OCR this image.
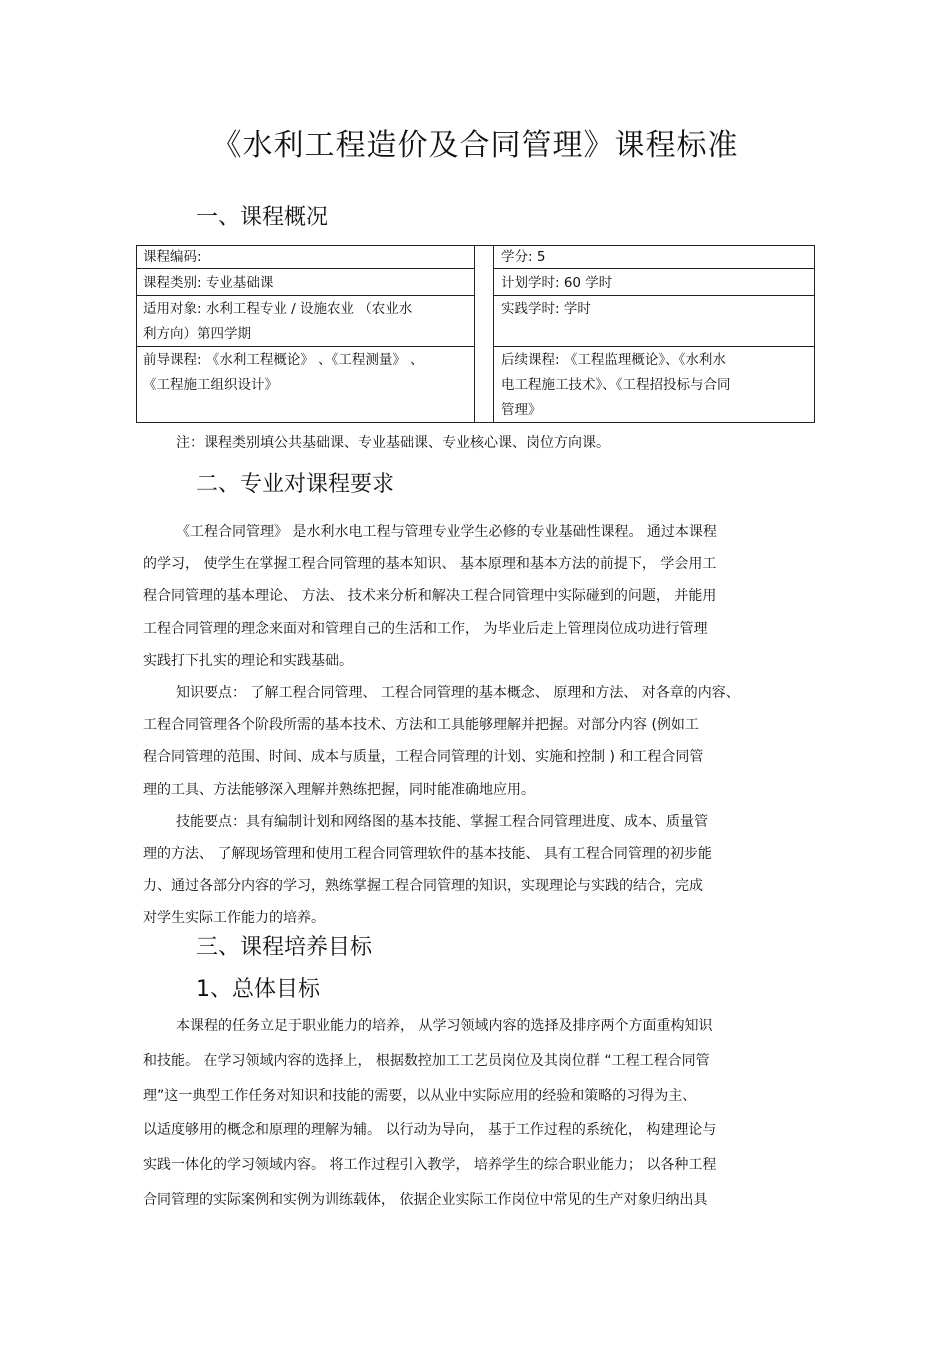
《水利工程造价及合同管理》课程标准
一、课程概况
课程编码:
课程类别: 专业基础课
适用对象: 水利工程专业 / 设施农业 （农业水
利方向）第四学期
前导课程: 《水利工程概论》 、《工程测量》 、
《工程施工组织设计》
学分: 5
计划学时: 60 学时
实践学时: 学时
后续课程: 《工程监理概论》、《水利水
电工程施工技术》、《工程招投标与合同
管理》
注：课程类别填公共基础课、专业基础课、专业核心课、岗位方向课。
二、专业对课程要求
《工程合同管理》 是水利水电工程与管理专业学生必修的专业基础性课程。 通过本课程
的学习， 使学生在掌握工程合同管理的基本知识、 基本原理和基本方法的前提下， 学会用工
程合同管理的基本理论、 方法、 技术来分析和解决工程合同管理中实际碰到的问题， 并能用
工程合同管理的理念来面对和管理自己的生活和工作， 为毕业后走上管理岗位成功进行管理
实践打下扎实的理论和实践基础。
知识要点： 了解工程合同管理、 工程合同管理的基本概念、 原理和方法、 对各章的内容、
工程合同管理各个阶段所需的基本技术、方法和工具能够理解并把握。对部分内容 (例如工
程合同管理的范围、时间、成本与质量，工程合同管理的计划、实施和控制 ) 和工程合同管
理的工具、方法能够深入理解并熟练把握，同时能准确地应用。
技能要点：具有编制计划和网络图的基本技能、掌握工程合同管理进度、成本、质量管
理的方法、 了解现场管理和使用工程合同管理软件的基本技能、 具有工程合同管理的初步能
力、通过各部分内容的学习，熟练掌握工程合同管理的知识，实现理论与实践的结合，完成
对学生实际工作能力的培养。
三、课程培养目标
1、总体目标
本课程的任务立足于职业能力的培养， 从学习领域内容的选择及排序两个方面重构知识
和技能。 在学习领域内容的选择上， 根据数控加工工艺员岗位及其岗位群 “工程工程合同管
理”这一典型工作任务对知识和技能的需要，以从业中实际应用的经验和策略的习得为主、
以适度够用的概念和原理的理解为辅。 以行动为导向， 基于工作过程的系统化， 构建理论与
实践一体化的学习领域内容。 将工作过程引入教学， 培养学生的综合职业能力； 以各种工程
合同管理的实际案例和实例为训练载体， 依据企业实际工作岗位中常见的生产对象归纳出具
